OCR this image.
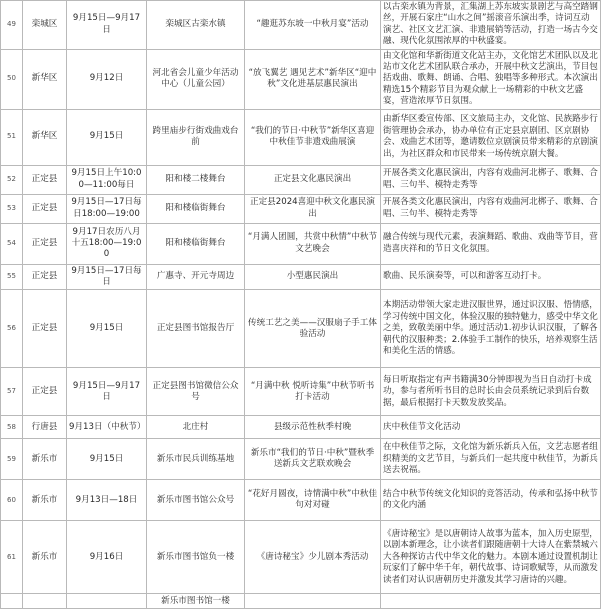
49	栾城区	9月15日—9月17日	栾城区古栾水镇	“趣逛苏东坡一中秋月宴”活动	以古栾水镇为背景，汇集湖上苏东坡实景剧艺与高空踏钢丝，开展石家庄“山水之间”摇滚音乐演出季，诗词互动演艺、社区文艺汇演、非遗展销等活动，打造一场古今交融、现代化氛围浓厚的中秋盛宴。
50	新华区	9月12日	河北省会儿童少年活动中心（儿童公园）	“放飞翼艺 遇见艺术”新华区“迎中秋”文化进基层惠民演出	由文化馆和华新街道文化站主办，文化馆艺术团队以及北站市文化艺术团队联合承办，开展中秋文艺演出，节目包括戏曲、歌舞、朗诵、合唱、独唱等多种形式。本次演出精选15个精彩节目为观众献上一场精彩的中秋文艺盛宴，营造浓厚节日氛围。
51	新华区	9月15日	跨里庙步行街戏曲戏台前	“我们的节日·中秋节”新华区喜迎中秋佳节非遗戏曲展演	由新华区委宣传部、区文旅局主办，文化馆、民族路步行街管理协会承办，协办单位有正定县京剧团、区京剧协会、戏曲艺术团等，邀请数位京剧演员带来精彩的京剧演出，为社区群众和市民带来一场传统京剧大餐。
52	正定县	9月15日上午10:00—11:00每日	阳和楼二楼舞台	正定县文化惠民演出	开展各类文化惠民演出，内容有戏曲河北梆子、歌舞、合唱、三句半、模特走秀等
53	正定县	9月15日—17日每日18:00—19:00	阳和楼临街舞台	正定县2024喜迎中秋文化惠民演出	开展各类文化惠民演出，内容有戏曲河北梆子、歌舞、合唱、三句半、模特走秀等
54	正定县	9月17日农历八月十五18:00—19:00	阳和楼临街舞台	“月满人团圆，共赏中秋情”中秋节文艺晚会	融合传统与现代元素，表演舞蹈、歌曲、戏曲等节目，营造喜庆祥和的节日文化氛围。
55	正定县	9月15日—17日每日	广惠寺、开元寺周边	小型惠民演出	歌曲、民乐演奏等，可以和游客互动打卡。
56	正定县	9月15日	正定县图书馆报告厅	传统工艺之美——汉服扇子手工体验活动	本期活动带领大家走进汉服世界，通过识汉服、悟情感，学习传统中国文化，体验汉服的独特魅力，感受中华文化之美，致敬美丽中华。通过活动1.初步认识汉服，了解各朝代的汉服种类；2.体验手工制作的快乐，培养观察生活和美化生活的情感。
57	正定县	9月15日—9月17日	正定县图书馆微信公众号	“月满中秋 悦听诗集”中秋节听书打卡活动	每日听取指定有声书籍满30分钟即视为当日自动打卡成功，参与者所听书目的总时长由会员系统记录到后台数据，最后根据打卡天数发放奖品。
58	行唐县	9月13日（中秋节）	北庄村	县级示范性秋季村晚	庆中秋佳节文化活动
59	新乐市	9月15日	新乐市民兵训练基地	新乐市“我们的节日·中秋”暨秋季送新兵文艺联欢晚会	在中秋佳节之际，文化馆为新乐新兵入伍，文艺志愿者组织精美的文艺节目，与新兵们一起共度中秋佳节，为新兵送去祝福。
60	新乐市	9月13日—18日	新乐市图书馆公众号	“花好月圆夜，诗情满中秋”中秋佳句对对碰	结合中秋节传统文化知识的竞答活动，传承和弘扬中秋节的文化内涵
61	新乐市	9月16日	新乐市图书馆负一楼	《唐诗秘宝》少儿剧本秀活动	《唐诗秘宝》是以唐朝诗人故事为蓝本，加入历史原型，以剧本新理念，让小读者们跟随唐朝十大诗人在紫禁城六大各种探访古代中华文化的魅力。本剧本通过设置机制让玩家们了解中华千年，朝代故事、诗词歌赋等，从而激发读者们对认识唐朝历史并激发其学习唐诗的兴趣。
			新乐市图书馆一楼		
